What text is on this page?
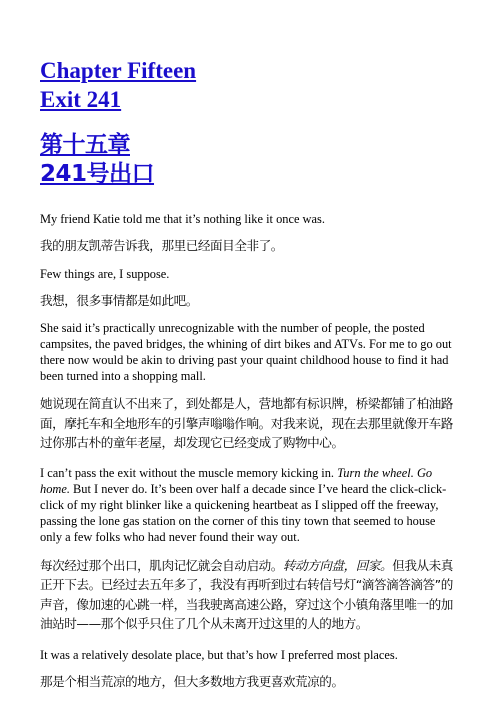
Chapter Fifteen
Exit 241
第十五章
241号出口

My friend Katie told me that it’s nothing like it once was.

我的朋友凯蒂告诉我，那里已经面目全非了。

Few things are, I suppose.

我想，很多事情都是如此吧。

She said it’s practically unrecognizable with the number of people, the posted campsites, the paved bridges, the whining of dirt bikes and ATVs. For me to go out there now would be akin to driving past your quaint childhood house to find it had been turned into a shopping mall.

她说现在简直认不出来了，到处都是人，营地都有标识牌，桥梁都铺了柏油路面，摩托车和全地形车的引擎声嗡嗡作响。对我来说，现在去那里就像开车路过你那古朴的童年老屋，却发现它已经变成了购物中心。

I can’t pass the exit without the muscle memory kicking in. Turn the wheel. Go home. But I never do. It’s been over half a decade since I’ve heard the click-click-click of my right blinker like a quickening heartbeat as I slipped off the freeway, passing the lone gas station on the corner of this tiny town that seemed to house only a few folks who had never found their way out.

每次经过那个出口，肌肉记忆就会自动启动。转动方向盘，回家。但我从未真正开下去。已经过去五年多了，我没有再听到过右转信号灯“滴答滴答滴答”的声音，像加速的心跳一样，当我驶离高速公路，穿过这个小镇角落里唯一的加油站时——那个似乎只住了几个从未离开过这里的人的地方。

It was a relatively desolate place, but that’s how I preferred most places.

那是个相当荒凉的地方，但大多数地方我更喜欢荒凉的。
